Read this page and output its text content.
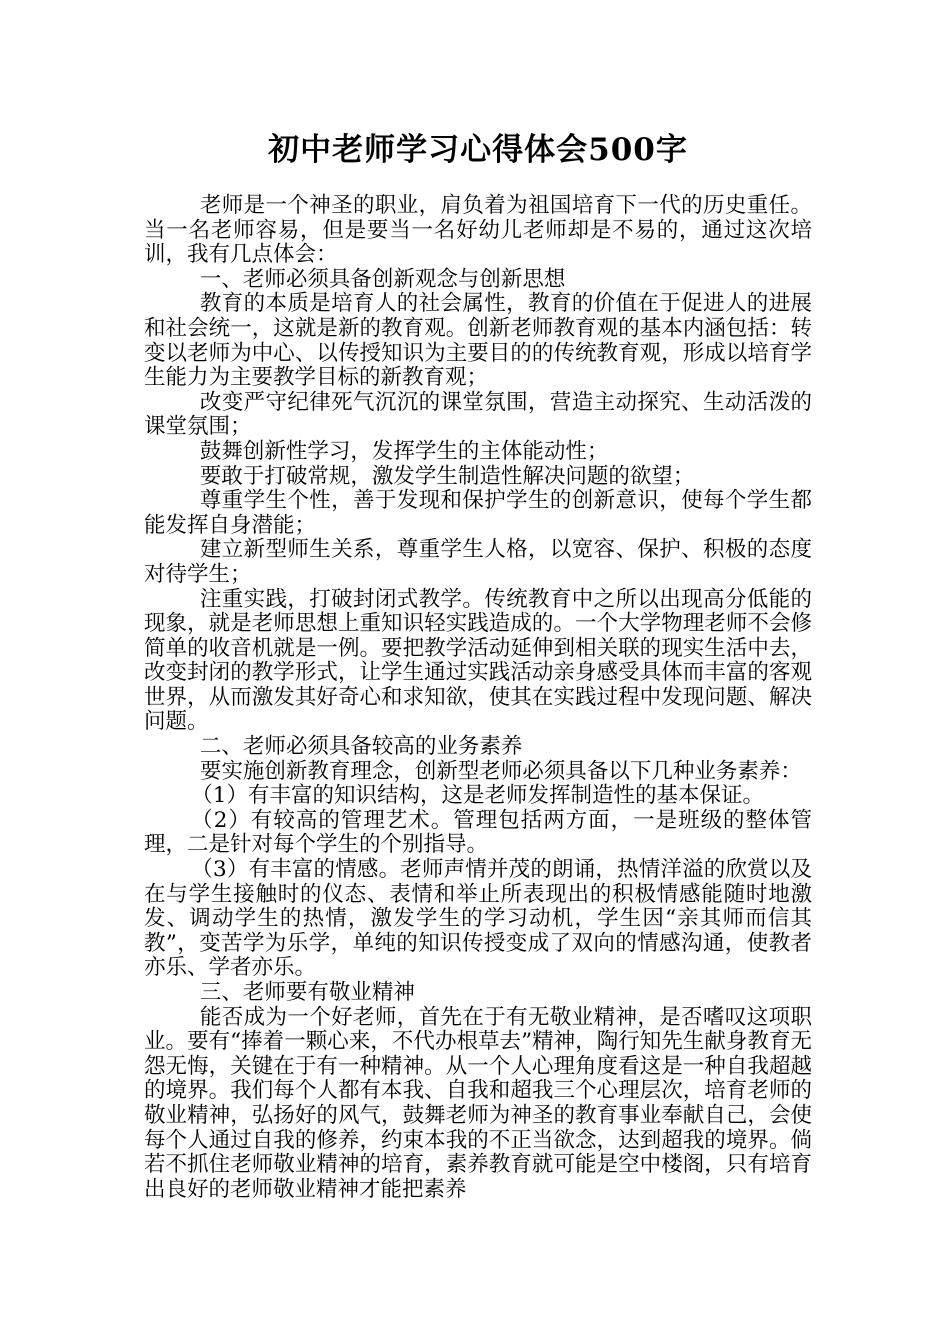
初中老师学习心得体会500字

老师是一个神圣的职业，肩负着为祖国培育下一代的历史重任。当一名老师容易，但是要当一名好幼儿老师却是不易的，通过这次培训，我有几点体会：

一、老师必须具备创新观念与创新思想

教育的本质是培育人的社会属性，教育的价值在于促进人的进展和社会统一，这就是新的教育观。创新老师教育观的基本内涵包括：转变以老师为中心、以传授知识为主要目的的传统教育观，形成以培育学生能力为主要教学目标的新教育观；

改变严守纪律死气沉沉的课堂氛围，营造主动探究、生动活泼的课堂氛围；

鼓舞创新性学习，发挥学生的主体能动性；

要敢于打破常规，激发学生制造性解决问题的欲望；

尊重学生个性，善于发现和保护学生的创新意识，使每个学生都能发挥自身潜能；

建立新型师生关系，尊重学生人格，以宽容、保护、积极的态度对待学生；

注重实践，打破封闭式教学。传统教育中之所以出现高分低能的现象，就是老师思想上重知识轻实践造成的。一个大学物理老师不会修简单的收音机就是一例。要把教学活动延伸到相关联的现实生活中去，改变封闭的教学形式，让学生通过实践活动亲身感受具体而丰富的客观世界，从而激发其好奇心和求知欲，使其在实践过程中发现问题、解决问题。

二、老师必须具备较高的业务素养

要实施创新教育理念，创新型老师必须具备以下几种业务素养：

（1）有丰富的知识结构，这是老师发挥制造性的基本保证。

（2）有较高的管理艺术。管理包括两方面，一是班级的整体管理，二是针对每个学生的个别指导。

（3）有丰富的情感。老师声情并茂的朗诵，热情洋溢的欣赏以及在与学生接触时的仪态、表情和举止所表现出的积极情感能随时地激发、调动学生的热情，激发学生的学习动机，学生因“亲其师而信其教”，变苦学为乐学，单纯的知识传授变成了双向的情感沟通，使教者亦乐、学者亦乐。

三、老师要有敬业精神

能否成为一个好老师，首先在于有无敬业精神，是否嗜叹这项职业。要有“捧着一颗心来，不代办根草去”精神，陶行知先生献身教育无怨无悔，关键在于有一种精神。从一个人心理角度看这是一种自我超越的境界。我们每个人都有本我、自我和超我三个心理层次，培育老师的敬业精神，弘扬好的风气，鼓舞老师为神圣的教育事业奉献自己，会使每个人通过自我的修养，约束本我的不正当欲念，达到超我的境界。倘若不抓住老师敬业精神的培育，素养教育就可能是空中楼阁，只有培育出良好的老师敬业精神才能把素养
